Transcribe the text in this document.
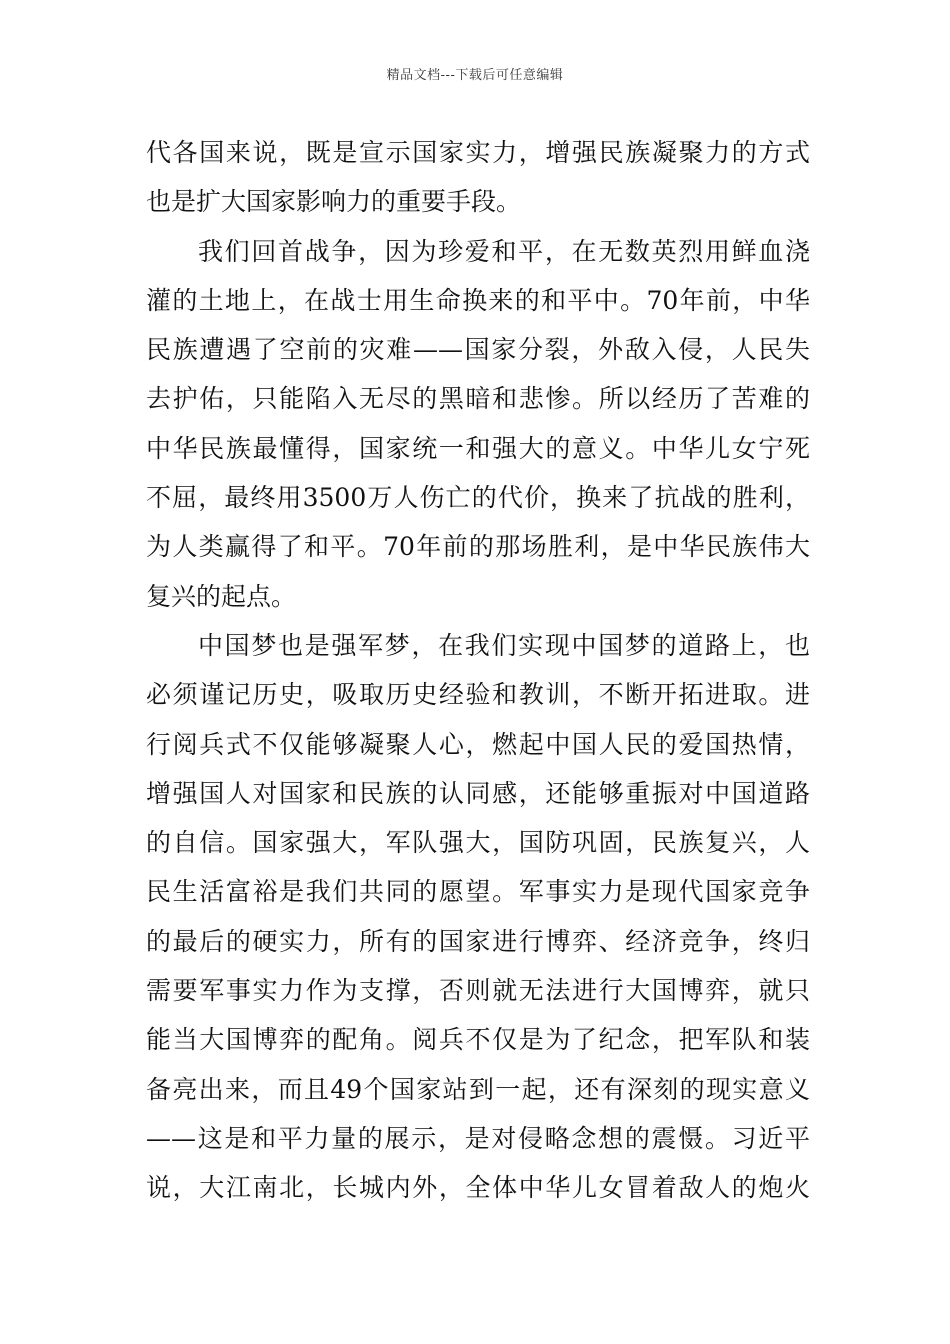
精品文档---下载后可任意编辑
代各国来说，既是宣示国家实力，增强民族凝聚力的方式
也是扩大国家影响力的重要手段。
我们回首战争，因为珍爱和平，在无数英烈用鲜血浇
灌的土地上，在战士用生命换来的和平中。70年前，中华
民族遭遇了空前的灾难——国家分裂，外敌入侵，人民失
去护佑，只能陷入无尽的黑暗和悲惨。所以经历了苦难的
中华民族最懂得，国家统一和强大的意义。中华儿女宁死
不屈，最终用3500万人伤亡的代价，换来了抗战的胜利，
为人类赢得了和平。70年前的那场胜利，是中华民族伟大
复兴的起点。
中国梦也是强军梦，在我们实现中国梦的道路上，也
必须谨记历史，吸取历史经验和教训，不断开拓进取。进
行阅兵式不仅能够凝聚人心，燃起中国人民的爱国热情，
增强国人对国家和民族的认同感，还能够重振对中国道路
的自信。国家强大，军队强大，国防巩固，民族复兴，人
民生活富裕是我们共同的愿望。军事实力是现代国家竞争
的最后的硬实力，所有的国家进行博弈、经济竞争，终归
需要军事实力作为支撑，否则就无法进行大国博弈，就只
能当大国博弈的配角。阅兵不仅是为了纪念，把军队和装
备亮出来，而且49个国家站到一起，还有深刻的现实意义
——这是和平力量的展示，是对侵略念想的震慑。习近平
说，大江南北，长城内外，全体中华儿女冒着敌人的炮火
